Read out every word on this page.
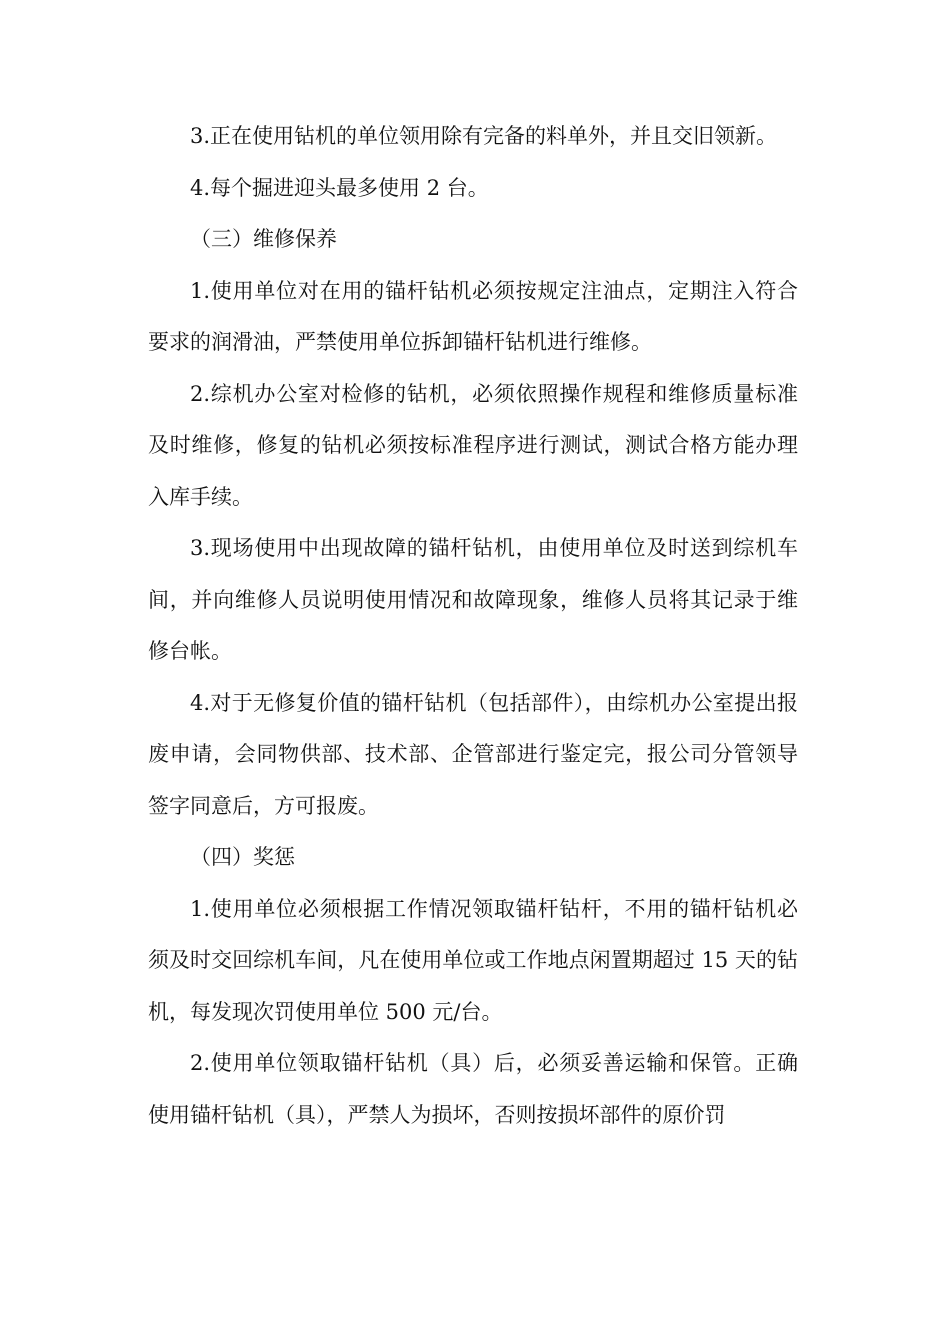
3.正在使用钻机的单位领用除有完备的料单外，并且交旧领新。

4.每个掘进迎头最多使用 2 台。

（三）维修保养

1.使用单位对在用的锚杆钻机必须按规定注油点，定期注入符合要求的润滑油，严禁使用单位拆卸锚杆钻机进行维修。

2.综机办公室对检修的钻机，必须依照操作规程和维修质量标准及时维修，修复的钻机必须按标准程序进行测试，测试合格方能办理入库手续。

3.现场使用中出现故障的锚杆钻机，由使用单位及时送到综机车间，并向维修人员说明使用情况和故障现象，维修人员将其记录于维修台帐。

4.对于无修复价值的锚杆钻机（包括部件），由综机办公室提出报废申请，会同物供部、技术部、企管部进行鉴定完，报公司分管领导签字同意后，方可报废。

（四）奖惩

1.使用单位必须根据工作情况领取锚杆钻杆，不用的锚杆钻机必须及时交回综机车间，凡在使用单位或工作地点闲置期超过 15 天的钻机，每发现次罚使用单位 500 元/台。

2.使用单位领取锚杆钻机（具）后，必须妥善运输和保管。正确使用锚杆钻机（具），严禁人为损坏，否则按损坏部件的原价罚
